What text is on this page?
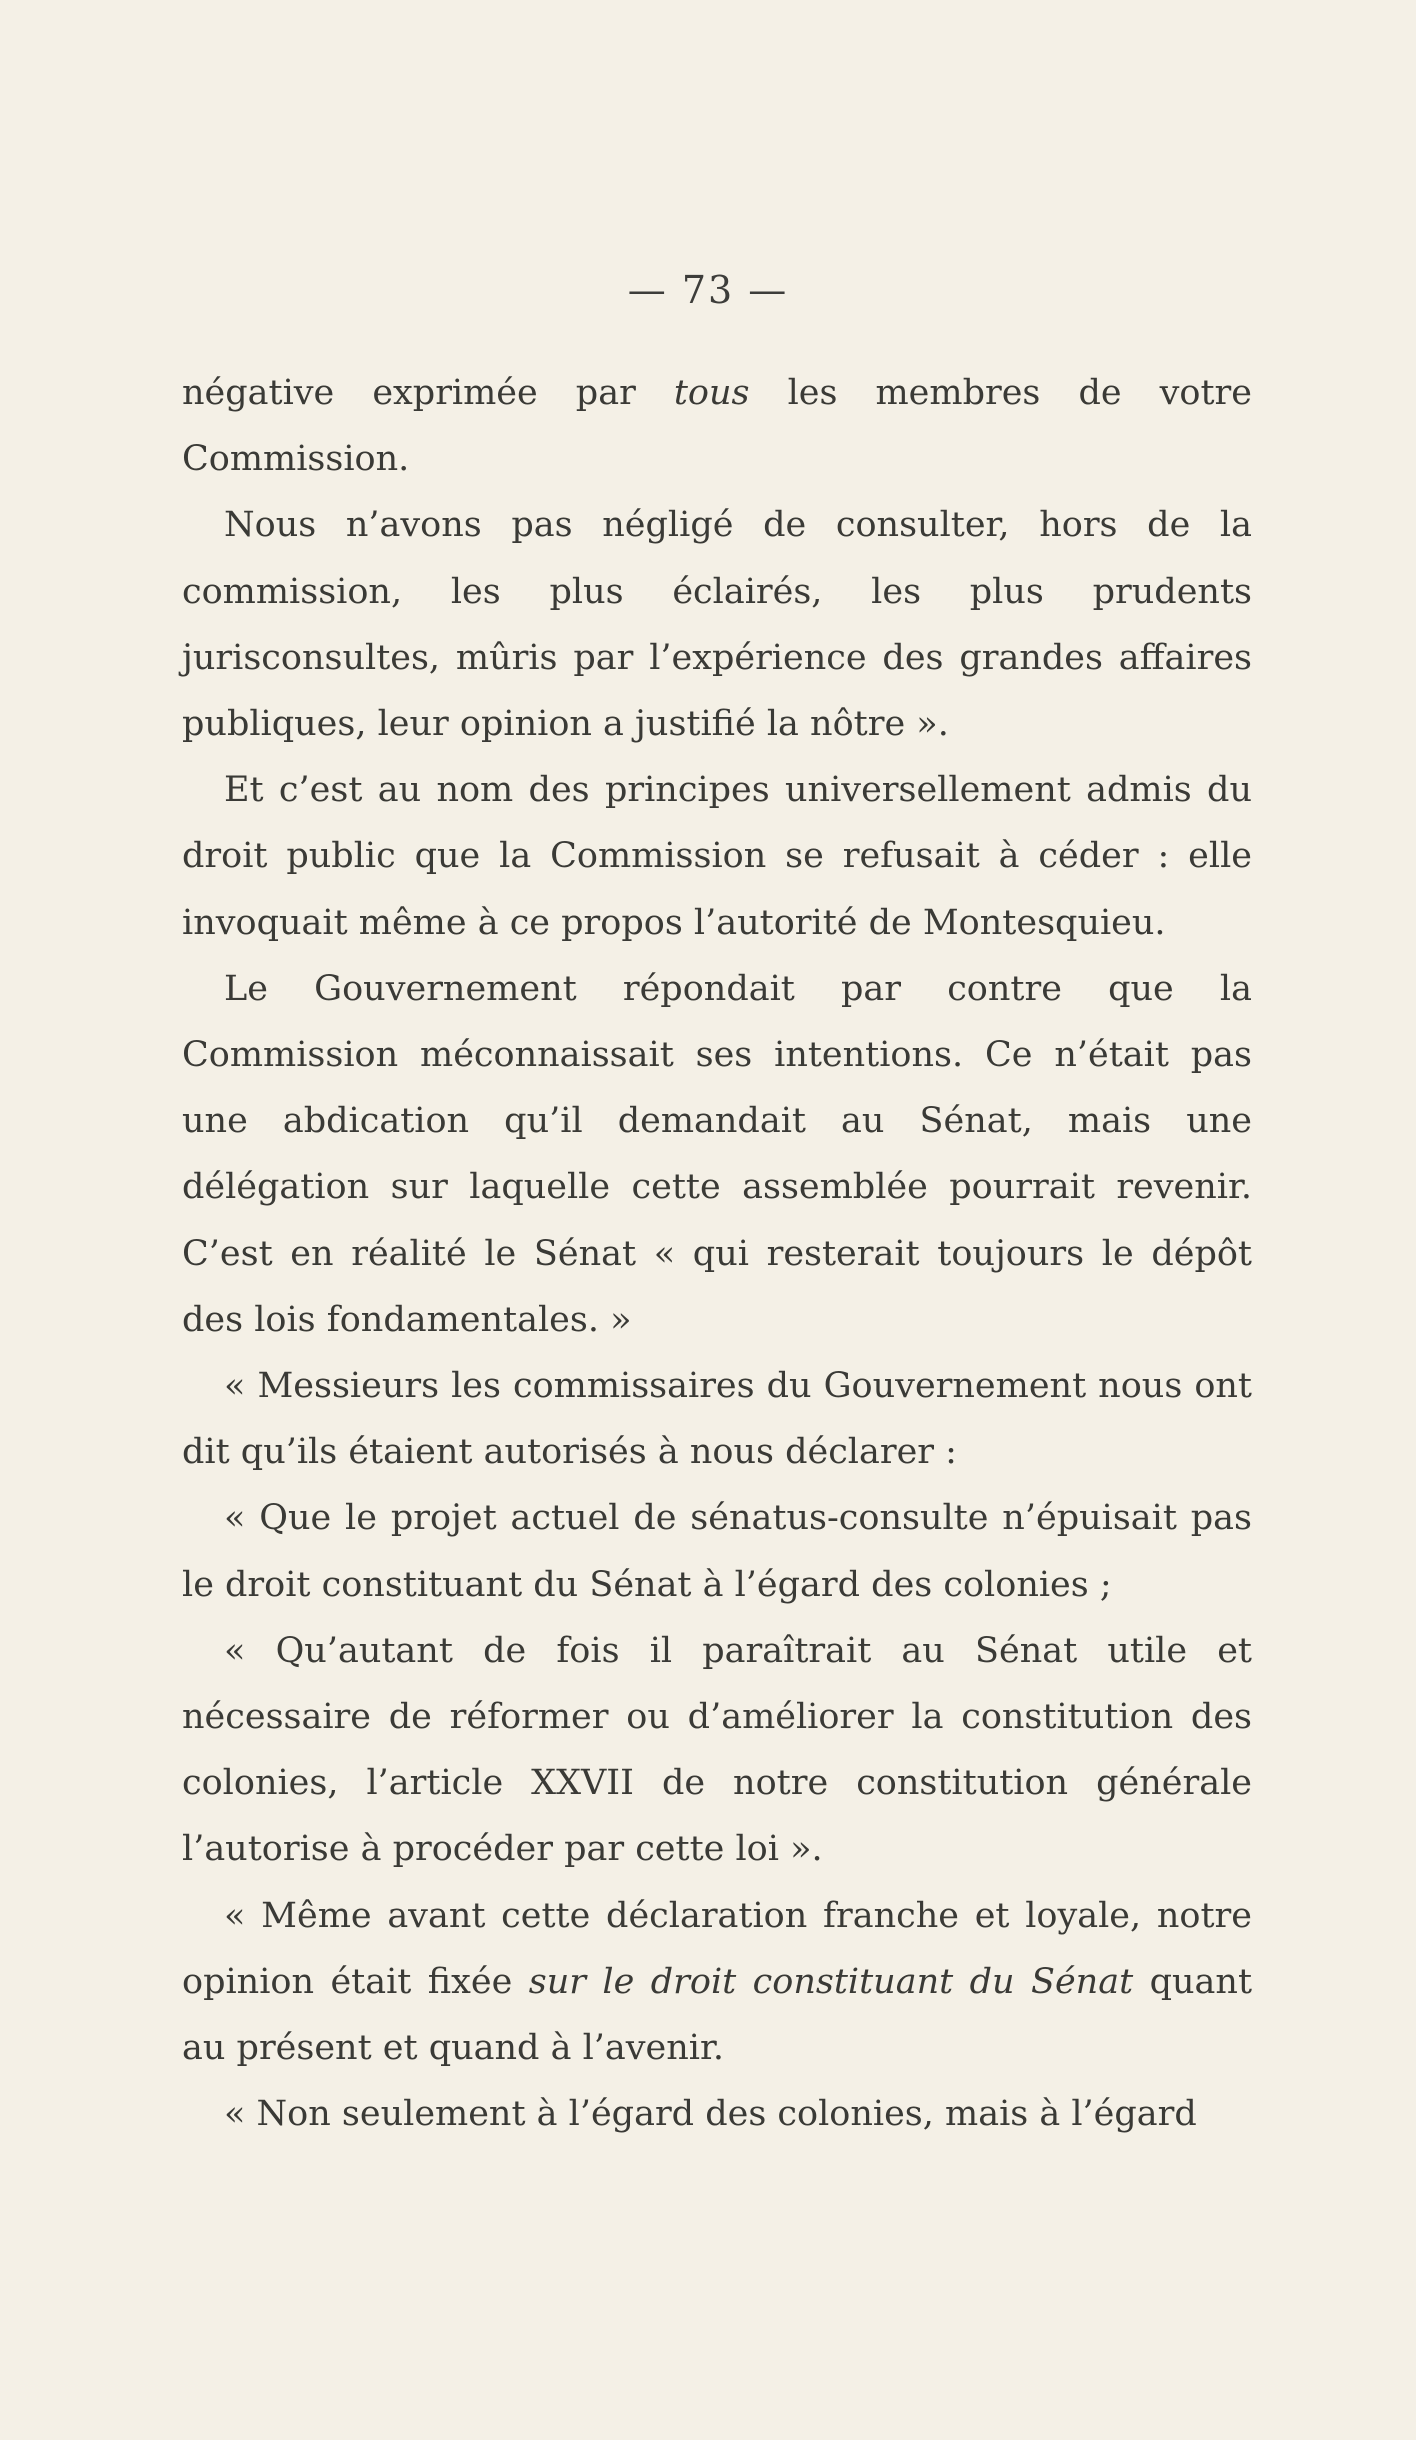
— 73 —

négative exprimée par tous les membres de votre Commission.

Nous n’avons pas négligé de consulter, hors de la commission, les plus éclairés, les plus prudents jurisconsultes, mûris par l’expérience des grandes affaires publiques, leur opinion a justifié la nôtre ».

Et c’est au nom des principes universellement admis du droit public que la Commission se refusait à céder : elle invoquait même à ce propos l’autorité de Montesquieu.

Le Gouvernement répondait par contre que la Commission méconnaissait ses intentions. Ce n’était pas une abdication qu’il demandait au Sénat, mais une délégation sur laquelle cette assemblée pourrait revenir. C’est en réalité le Sénat « qui resterait toujours le dépôt des lois fondamentales. »

« Messieurs les commissaires du Gouvernement nous ont dit qu’ils étaient autorisés à nous déclarer :

« Que le projet actuel de sénatus-consulte n’épuisait pas le droit constituant du Sénat à l’égard des colonies ;

« Qu’autant de fois il paraîtrait au Sénat utile et nécessaire de réformer ou d’améliorer la constitution des colonies, l’article XXVII de notre constitution générale l’autorise à procéder par cette loi ».

« Même avant cette déclaration franche et loyale, notre opinion était fixée sur le droit constituant du Sénat quant au présent et quand à l’avenir.

« Non seulement à l’égard des colonies, mais à l’égard
